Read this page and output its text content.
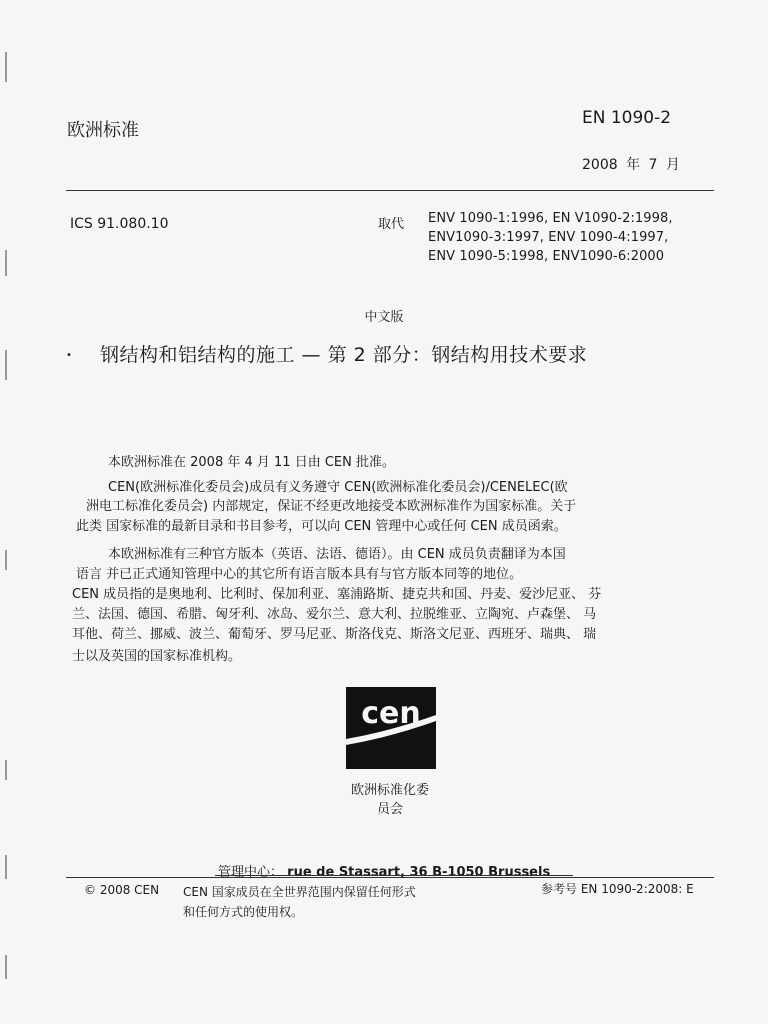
欧洲标准
EN 1090-2
2008 年 7 月
ICS 91.080.10	取代 ENV 1090-1:1996, EN V1090-2:1998,
ENV1090-3:1997, ENV 1090-4:1997,
ENV 1090-5:1998, ENV1090-6:2000
中文版
• 钢结构和铝结构的施工 — 第 2 部分：钢结构用技术要求
本欧洲标准在 2008 年 4 月 11 日由 CEN 批准。
CEN(欧洲标准化委员会)成员有义务遵守 CEN(欧洲标准化委员会)/CENELEC(欧
洲电工标准化委员会) 内部规定，保证不经更改地接受本欧洲标准作为国家标准。关于
此类 国家标准的最新目录和书目参考，可以向 CEN 管理中心或任何 CEN 成员函索。
本欧洲标准有三种官方版本（英语、法语、德语）。由 CEN 成员负责翻译为本国
语言 并已正式通知管理中心的其它所有语言版本具有与官方版本同等的地位。
CEN 成员指的是奥地利、比利时、保加利亚、塞浦路斯、捷克共和国、丹麦、爱沙尼亚、 芬
兰、法国、德国、希腊、匈牙利、冰岛、爱尔兰、意大利、拉脱维亚、立陶宛、卢森堡、 马
耳他、荷兰、挪威、波兰、葡萄牙、罗马尼亚、斯洛伐克、斯洛文尼亚、西班牙、瑞典、 瑞
士以及英国的国家标准机构。
cen
欧洲标准化委
员会
管理中心： rue de Stassart, 36 B-1050 Brussels
© 2008 CEN CEN 国家成员在全世界范围内保留任何形式
和任何方式的使用权。
参考号 EN 1090-2:2008: E
